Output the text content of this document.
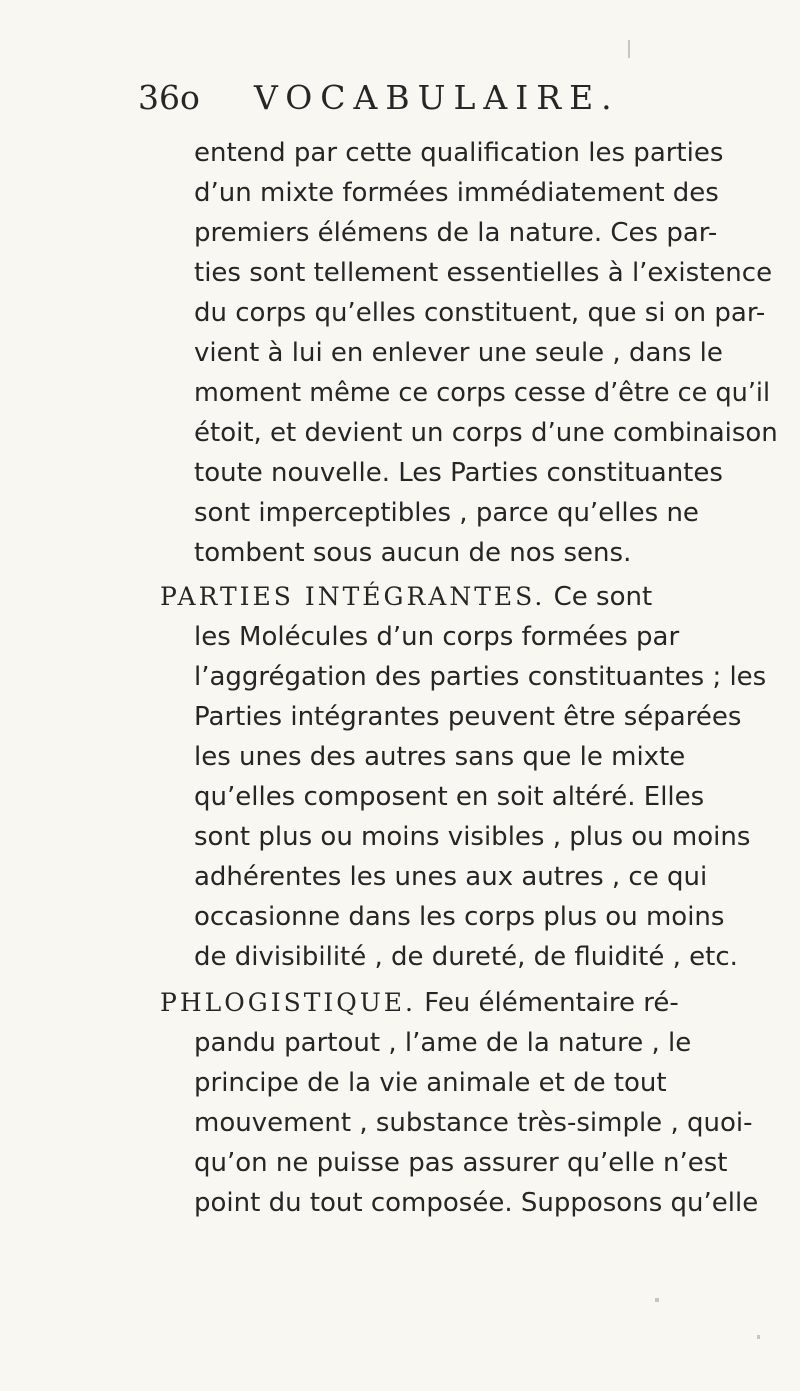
36o VOCABULAIRE.
entend par cette qualification les parties
d’un mixte formées immédiatement des
premiers élémens de la nature. Ces par-
ties sont tellement essentielles à l’existence
du corps qu’elles constituent, que si on par-
vient à lui en enlever une seule , dans le
moment même ce corps cesse d’être ce qu’il
étoit, et devient un corps d’une combinaison
toute nouvelle. Les Parties constituantes
sont imperceptibles , parce qu’elles ne
tombent sous aucun de nos sens.
PARTIES INTÉGRANTES. Ce sont
les Molécules d’un corps formées par
l’aggrégation des parties constituantes ; les
Parties intégrantes peuvent être séparées
les unes des autres sans que le mixte
qu’elles composent en soit altéré. Elles
sont plus ou moins visibles , plus ou moins
adhérentes les unes aux autres , ce qui
occasionne dans les corps plus ou moins
de divisibilité , de dureté, de fluidité , etc.
PHLOGISTIQUE. Feu élémentaire ré-
pandu partout , l’ame de la nature , le
principe de la vie animale et de tout
mouvement , substance très-simple , quoi-
qu’on ne puisse pas assurer qu’elle n’est
point du tout composée. Supposons qu’elle
